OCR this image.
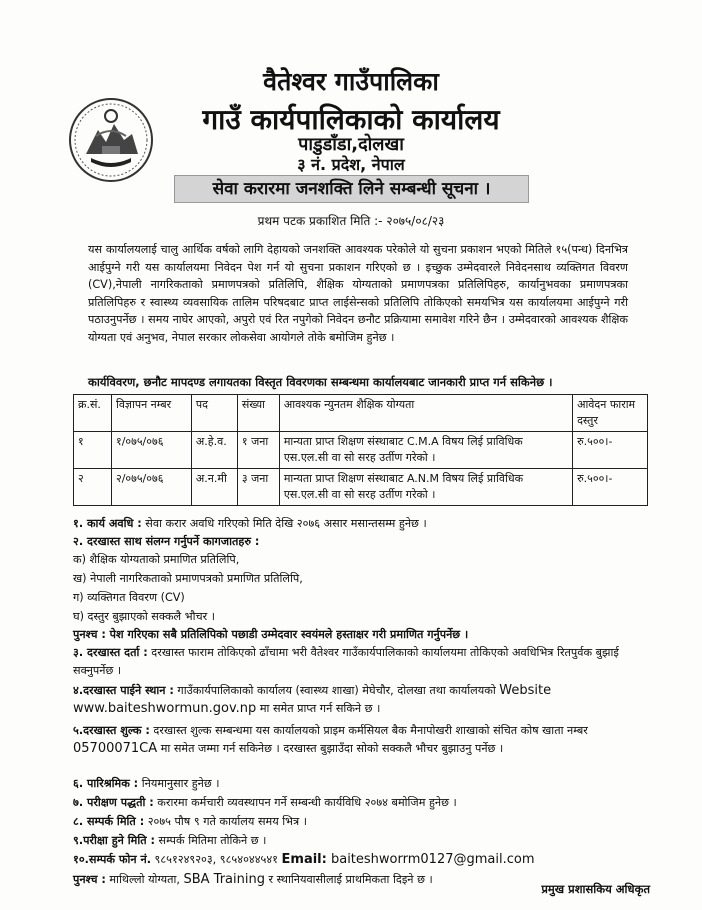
वैतेश्वर गाउँपालिका
गाउँ कार्यपालिकाको कार्यालय
पाडुडाँडा,दोलखा
३ नं. प्रदेश, नेपाल
सेवा करारमा जनशक्ति लिने सम्बन्धी सूचना ।
प्रथम पटक प्रकाशित मिति :- २०७५/०८/२३
यस कार्यालयलाई चालु आर्थिक वर्षको लागि देहायको जनशक्ति आवश्यक परेकोले यो सुचना प्रकाशन भएको मितिले १५(पन्ध) दिनभित्र आईपुग्ने गरी यस कार्यालयमा निवेदन पेश गर्न यो सुचना प्रकाशन गरिएको छ । इच्छुक उम्मेदवारले निवेदनसाथ व्यक्तिगत विवरण (CV),नेपाली नागरिकताको प्रमाणपत्रको प्रतिलिपि, शैक्षिक योग्यताको प्रमाणपत्रका प्रतिलिपिहरु, कार्यानुभवका प्रमाणपत्रका प्रतिलिपिहरु र स्वास्थ्य व्यवसायिक तालिम परिषदबाट प्राप्त लाईसेन्सको प्रतिलिपि तोकिएको समयभित्र यस कार्यालयमा आईपुग्ने गरी पठाउनुपर्नेछ । समय नाघेर आएको, अपुरो एवं रित नपुगेको निवेदन छनौट प्रक्रियामा समावेश गरिने छैन । उम्मेदवारको आवश्यक शैक्षिक योग्यता एवं अनुभव, नेपाल सरकार लोकसेवा आयोगले तोके बमोजिम हुनेछ ।
कार्यविवरण, छनौट मापदण्ड लगायतका विस्तृत विवरणका सम्बन्धमा कार्यालयबाट जानकारी प्राप्त गर्न सकिनेछ ।
क्र.सं.	विज्ञापन नम्बर	पद	संख्या	आवश्यक न्युनतम शैक्षिक योग्यता	आवेदन फाराम दस्तुर
१	१/०७५/०७६	अ.हे.व.	१ जना	मान्यता प्राप्त शिक्षण संस्थाबाट C.M.A विषय लिई प्राविधिक एस.एल.सी वा सो सरह उर्तीण गरेको ।	रु.५००।-
२	२/०७५/०७६	अ.न.मी	३ जना	मान्यता प्राप्त शिक्षण संस्थाबाट A.N.M विषय लिई प्राविधिक एस.एल.सी वा सो सरह उर्तीण गरेको ।	रु.५००।-
१. कार्य अवधि : सेवा करार अवधि गरिएको मिति देखि २०७६ असार मसान्तसम्म हुनेछ ।
२. दरखास्त साथ संलग्न गर्नुपर्ने कागजातहरु :
क) शैक्षिक योग्यताको प्रमाणित प्रतिलिपि,
ख) नेपाली नागरिकताको प्रमाणपत्रको प्रमाणित प्रतिलिपि,
ग) व्यक्तिगत विवरण (CV)
घ) दस्तुर बुझाएको सक्कलै भौचर ।
पुनश्च : पेश गरिएका सबै प्रतिलिपिको पछाडी उम्मेदवार स्वयंमले हस्ताक्षर गरी प्रमाणित गर्नुपर्नेछ ।
३. दरखास्त दर्ता : दरखास्त फाराम तोकिएको ढाँचामा भरी वैतेश्वर गाउँकार्यपालिकाको कार्यालयमा तोकिएको अवधिभित्र रितपुर्वक बुझाई सक्नुपर्नेछ ।
४.दरखास्त पाईने स्थान : गाउँकार्यपालिकाको कार्यालय (स्वास्थ्य शाखा) मेघेचौर, दोलखा तथा कार्यालयको Website
www.baiteshwormun.gov.np मा समेत प्राप्त गर्न सकिने छ ।
५.दरखास्त शुल्क : दरखास्त शुल्क सम्बन्धमा यस कार्यालयको प्राइम कर्मसियल बैक मैनापोखरी शाखाको संचित कोष खाता नम्बर 05700071CA मा समेत जम्मा गर्न सकिनेछ । दरखास्त बुझाउँदा सोको सक्कलै भौचर बुझाउनु पर्नेछ ।
६. पारिश्रमिक : नियमानुसार हुनेछ ।
७. परीक्षण पद्धती : करारमा कर्मचारी व्यवस्थापन गर्ने सम्बन्धी कार्यविधि २०७४ बमोजिम हुनेछ ।
८. सम्पर्क मिति : २०७५ पौष ९ गते कार्यालय समय भित्र ।
९.परीक्षा हुने मिति : सम्पर्क मितिमा तोकिने छ ।
१०.सम्पर्क फोन नं. ९८५१२४९२०३, ९८५४०४४५४१ Email: baiteshworrm0127@gmail.com
पुनश्च : माथिल्लो योग्यता, SBA Training र स्थानियवासीलाई प्राथमिकता दिइने छ ।
प्रमुख प्रशासकिय अधिकृत
